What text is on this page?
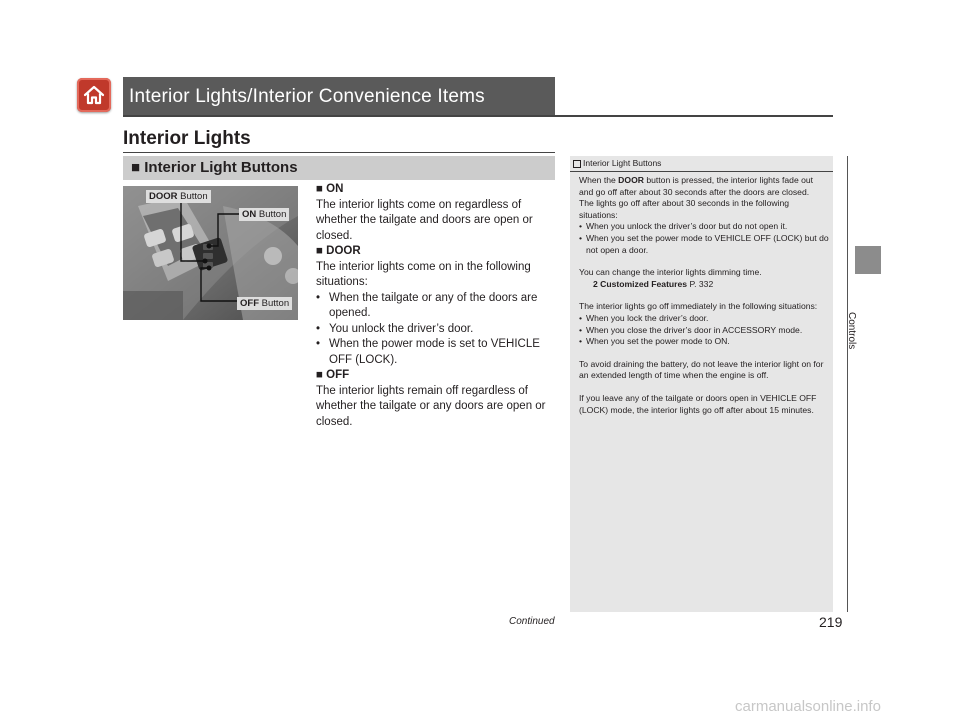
Interior Lights/Interior Convenience Items
Interior Lights
■ Interior Light Buttons
DOOR Button
ON Button
OFF Button

■ ON

The interior lights come on regardless of whether the tailgate and doors are open or closed.

■ DOOR

The interior lights come on in the following situations:

• When the tailgate or any of the doors are opened.
• You unlock the driver’s door.
• When the power mode is set to VEHICLE OFF (LOCK).

■ OFF

The interior lights remain off regardless of whether the tailgate or any doors are open or closed.

Interior Light Buttons

When the DOOR button is pressed, the interior lights fade out and go off after about 30 seconds after the doors are closed.

The lights go off after about 30 seconds in the following situations:

• When you unlock the driver’s door but do not open it.
• When you set the power mode to VEHICLE OFF (LOCK) but do not open a door.

You can change the interior lights dimming time.

2 Customized Features P. 332

The interior lights go off immediately in the following situations:

• When you lock the driver’s door.
• When you close the driver’s door in ACCESSORY mode.
• When you set the power mode to ON.

To avoid draining the battery, do not leave the interior light on for an extended length of time when the engine is off.

If you leave any of the tailgate or doors open in VEHICLE OFF (LOCK) mode, the interior lights go off after about 15 minutes.

Controls
Continued	219
carmanualsonline.info
